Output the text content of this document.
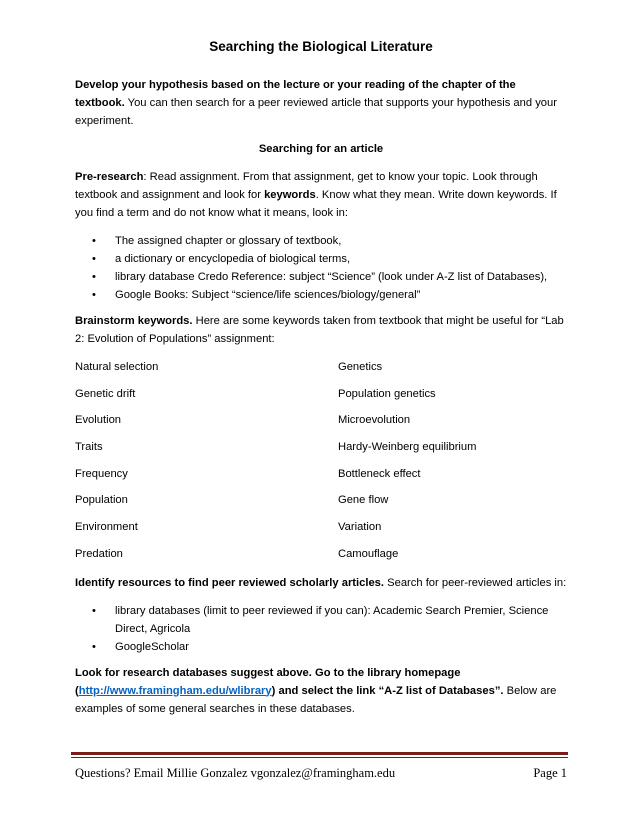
Searching the Biological Literature

Develop your hypothesis based on the lecture or your reading of the chapter of the textbook. You can then search for a peer reviewed article that supports your hypothesis and your experiment.

Searching for an article

Pre-research: Read assignment. From that assignment, get to know your topic. Look through textbook and assignment and look for keywords. Know what they mean. Write down keywords. If you find a term and do not know what it means, look in:

• The assigned chapter or glossary of textbook,
• a dictionary or encyclopedia of biological terms,
• library database Credo Reference: subject “Science” (look under A-Z list of Databases),
• Google Books: Subject “science/life sciences/biology/general”

Brainstorm keywords. Here are some keywords taken from textbook that might be useful for “Lab 2: Evolution of Populations” assignment:

Natural selection	Genetics
Genetic drift	Population genetics
Evolution	Microevolution
Traits	Hardy-Weinberg equilibrium
Frequency	Bottleneck effect
Population	Gene flow
Environment	Variation
Predation	Camouflage

Identify resources to find peer reviewed scholarly articles. Search for peer-reviewed articles in:

• library databases (limit to peer reviewed if you can): Academic Search Premier, Science Direct, Agricola
• GoogleScholar

Look for research databases suggest above. Go to the library homepage (http://www.framingham.edu/wlibrary) and select the link “A-Z list of Databases”. Below are examples of some general searches in these databases.

Questions? Email Millie Gonzalez vgonzalez@framingham.edu	Page 1
